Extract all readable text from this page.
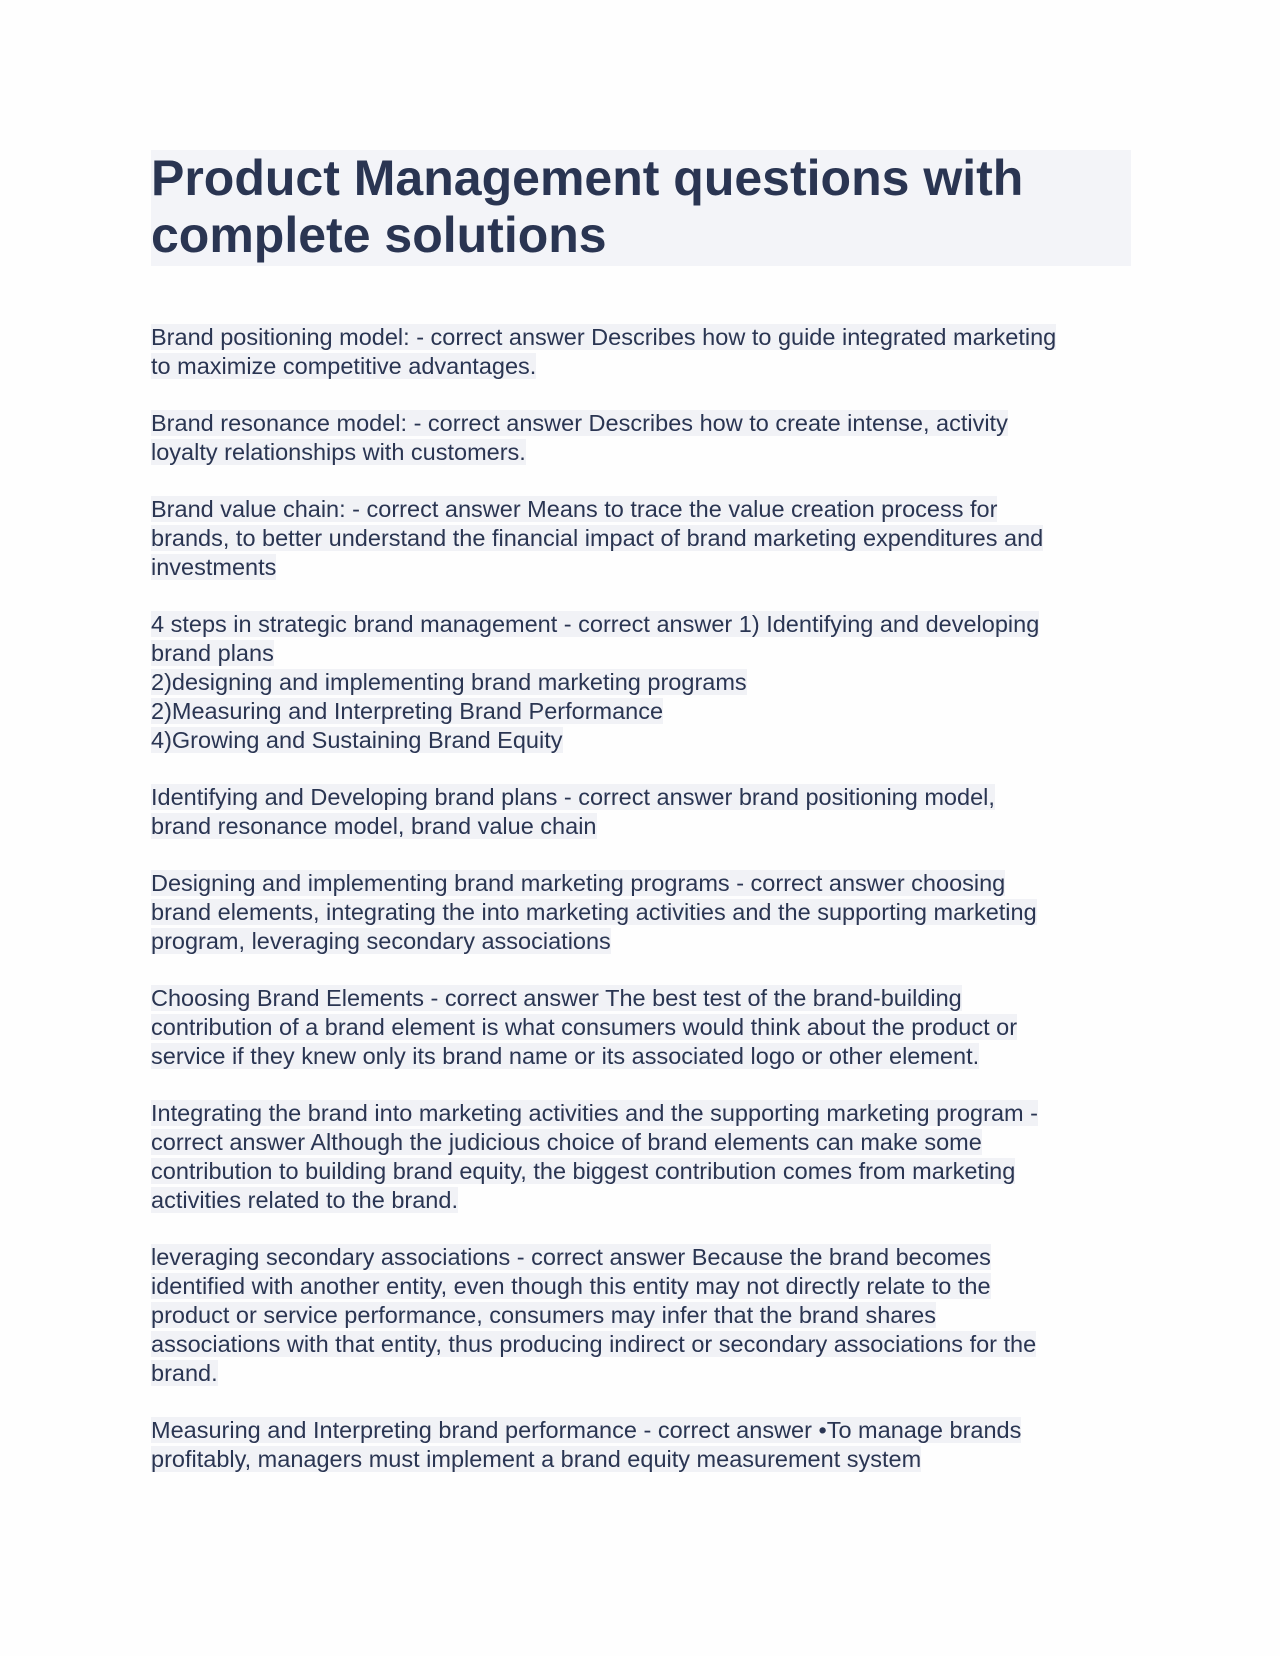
Product Management questions with complete solutions

Brand positioning model: - correct answer Describes how to guide integrated marketing
to maximize competitive advantages.

Brand resonance model: - correct answer Describes how to create intense, activity
loyalty relationships with customers.

Brand value chain: - correct answer Means to trace the value creation process for
brands, to better understand the financial impact of brand marketing expenditures and
investments

4 steps in strategic brand management - correct answer 1) Identifying and developing
brand plans
2)designing and implementing brand marketing programs
2)Measuring and Interpreting Brand Performance
4)Growing and Sustaining Brand Equity

Identifying and Developing brand plans - correct answer brand positioning model,
brand resonance model, brand value chain

Designing and implementing brand marketing programs - correct answer choosing
brand elements, integrating the into marketing activities and the supporting marketing
program, leveraging secondary associations

Choosing Brand Elements - correct answer The best test of the brand-building
contribution of a brand element is what consumers would think about the product or
service if they knew only its brand name or its associated logo or other element.

Integrating the brand into marketing activities and the supporting marketing program -
correct answer Although the judicious choice of brand elements can make some
contribution to building brand equity, the biggest contribution comes from marketing
activities related to the brand.

leveraging secondary associations - correct answer Because the brand becomes
identified with another entity, even though this entity may not directly relate to the
product or service performance, consumers may infer that the brand shares
associations with that entity, thus producing indirect or secondary associations for the
brand.

Measuring and Interpreting brand performance - correct answer •To manage brands
profitably, managers must implement a brand equity measurement system
